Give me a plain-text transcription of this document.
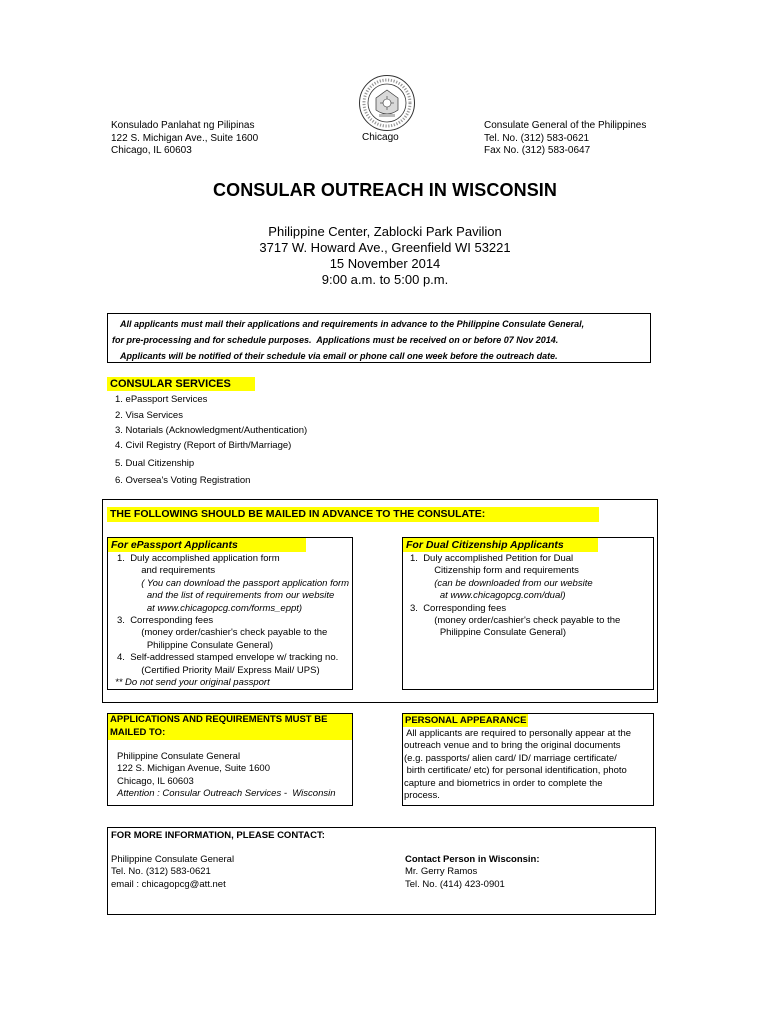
Konsulado Panlahat ng Pilipinas
122 S. Michigan Ave., Suite 1600
Chicago, IL 60603
Chicago
Consulate General of the Philippines
Tel. No. (312) 583-0621
Fax No. (312) 583-0647
CONSULAR OUTREACH IN WISCONSIN
Philippine Center, Zablocki Park Pavilion
3717 W. Howard Ave., Greenfield WI 53221
15 November 2014
9:00 a.m. to 5:00 p.m.
All applicants must mail their applications and requirements in advance to the Philippine Consulate General,
for pre-processing and for schedule purposes.  Applications must be received on or before 07 Nov 2014.
Applicants will be notified of their schedule via email or phone call one week before the outreach date.
CONSULAR SERVICES
1. ePassport Services
2. Visa Services
3. Notarials (Acknowledgment/Authentication)
4. Civil Registry (Report of Birth/Marriage)
5. Dual Citizenship
6. Oversea's Voting Registration
THE FOLLOWING SHOULD BE MAILED IN ADVANCE TO THE CONSULATE:
For ePassport Applicants
1.  Duly accomplished application form
and requirements
( You can download the passport application form
and the list of requirements from our website
at www.chicagopcg.com/forms_eppt)
3.  Corresponding fees
(money order/cashier's check payable to the
Philippine Consulate General)
4.  Self-addressed stamped envelope w/ tracking no.
(Certified Priority Mail/ Express Mail/ UPS)
** Do not send your original passport
For Dual Citizenship Applicants
1.  Duly accomplished Petition for Dual
Citizenship form and requirements
(can be downloaded from our website
at www.chicagopcg.com/dual)
3.  Corresponding fees
(money order/cashier's check payable to the
Philippine Consulate General)
APPLICATIONS AND REQUIREMENTS MUST BE
MAILED TO:
Philippine Consulate General
122 S. Michigan Avenue, Suite 1600
Chicago, IL 60603
Attention : Consular Outreach Services -  Wisconsin
PERSONAL APPEARANCE
All applicants are required to personally appear at the
outreach venue and to bring the original documents
(e.g. passports/ alien card/ ID/ marriage certificate/
birth certificate/ etc) for personal identification, photo
capture and biometrics in order to complete the
process.
FOR MORE INFORMATION, PLEASE CONTACT:
Philippine Consulate General
Tel. No. (312) 583-0621
email : chicagopcg@att.net
Contact Person in Wisconsin:
Mr. Gerry Ramos
Tel. No. (414) 423-0901
